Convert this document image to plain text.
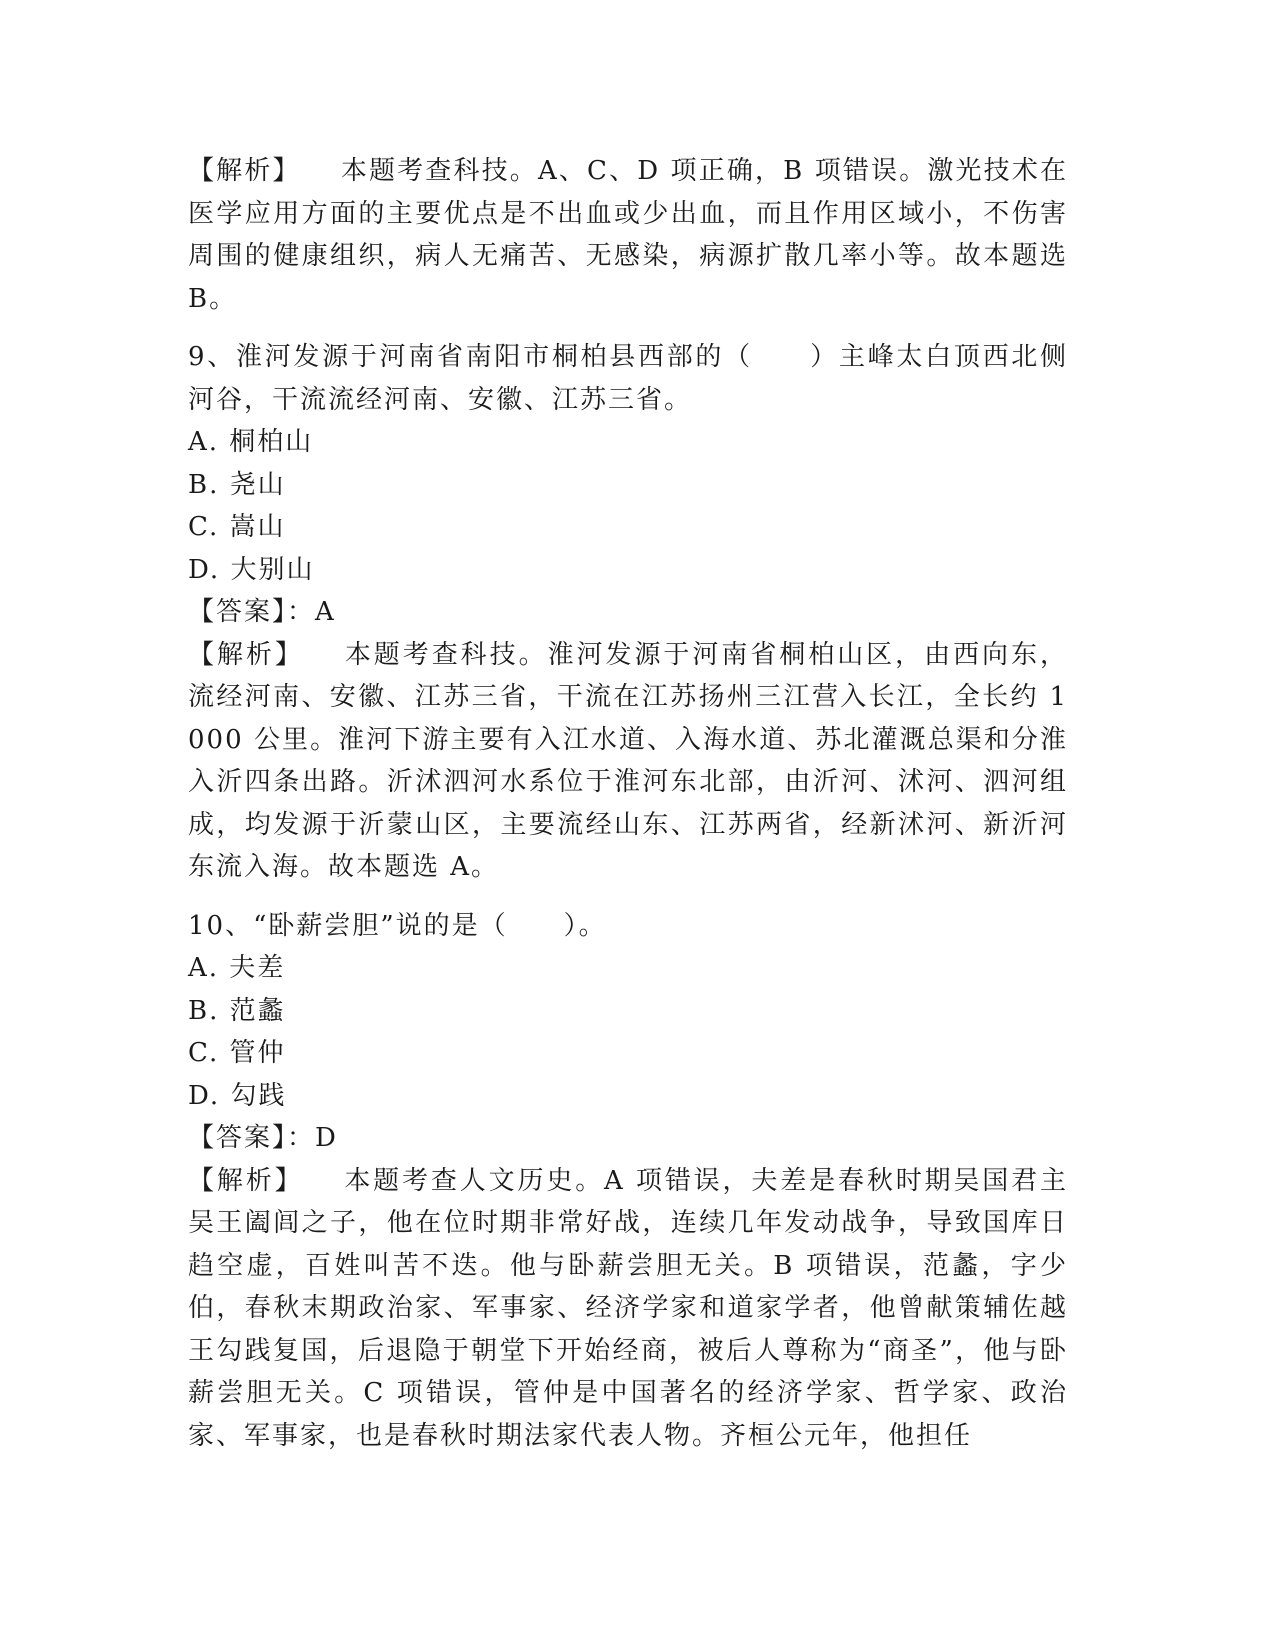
【解析】 本题考查科技。A、C、D 项正确，B 项错误。激光技术在医学应用方面的主要优点是不出血或少出血，而且作用区域小，不伤害周围的健康组织，病人无痛苦、无感染，病源扩散几率小等。故本题选 B。

9、淮河发源于河南省南阳市桐柏县西部的（　　）主峰太白顶西北侧河谷，干流流经河南、安徽、江苏三省。

A. 桐柏山

B. 尧山

C. 嵩山

D. 大别山

【答案】：A

【解析】 本题考查科技。淮河发源于河南省桐柏山区，由西向东，流经河南、安徽、江苏三省，干流在江苏扬州三江营入长江，全长约 1000 公里。淮河下游主要有入江水道、入海水道、苏北灌溉总渠和分淮入沂四条出路。沂沭泗河水系位于淮河东北部，由沂河、沭河、泗河组成，均发源于沂蒙山区，主要流经山东、江苏两省，经新沭河、新沂河东流入海。故本题选 A。

10、“卧薪尝胆”说的是（　　）。

A. 夫差

B. 范蠡

C. 管仲

D. 勾践

【答案】：D

【解析】 本题考查人文历史。A 项错误，夫差是春秋时期吴国君主吴王阖闾之子，他在位时期非常好战，连续几年发动战争，导致国库日趋空虚，百姓叫苦不迭。他与卧薪尝胆无关。B 项错误，范蠡，字少伯，春秋末期政治家、军事家、经济学家和道家学者，他曾献策辅佐越王勾践复国，后退隐于朝堂下开始经商，被后人尊称为“商圣”，他与卧薪尝胆无关。C 项错误，管仲是中国著名的经济学家、哲学家、政治家、军事家，也是春秋时期法家代表人物。齐桓公元年，他担任
